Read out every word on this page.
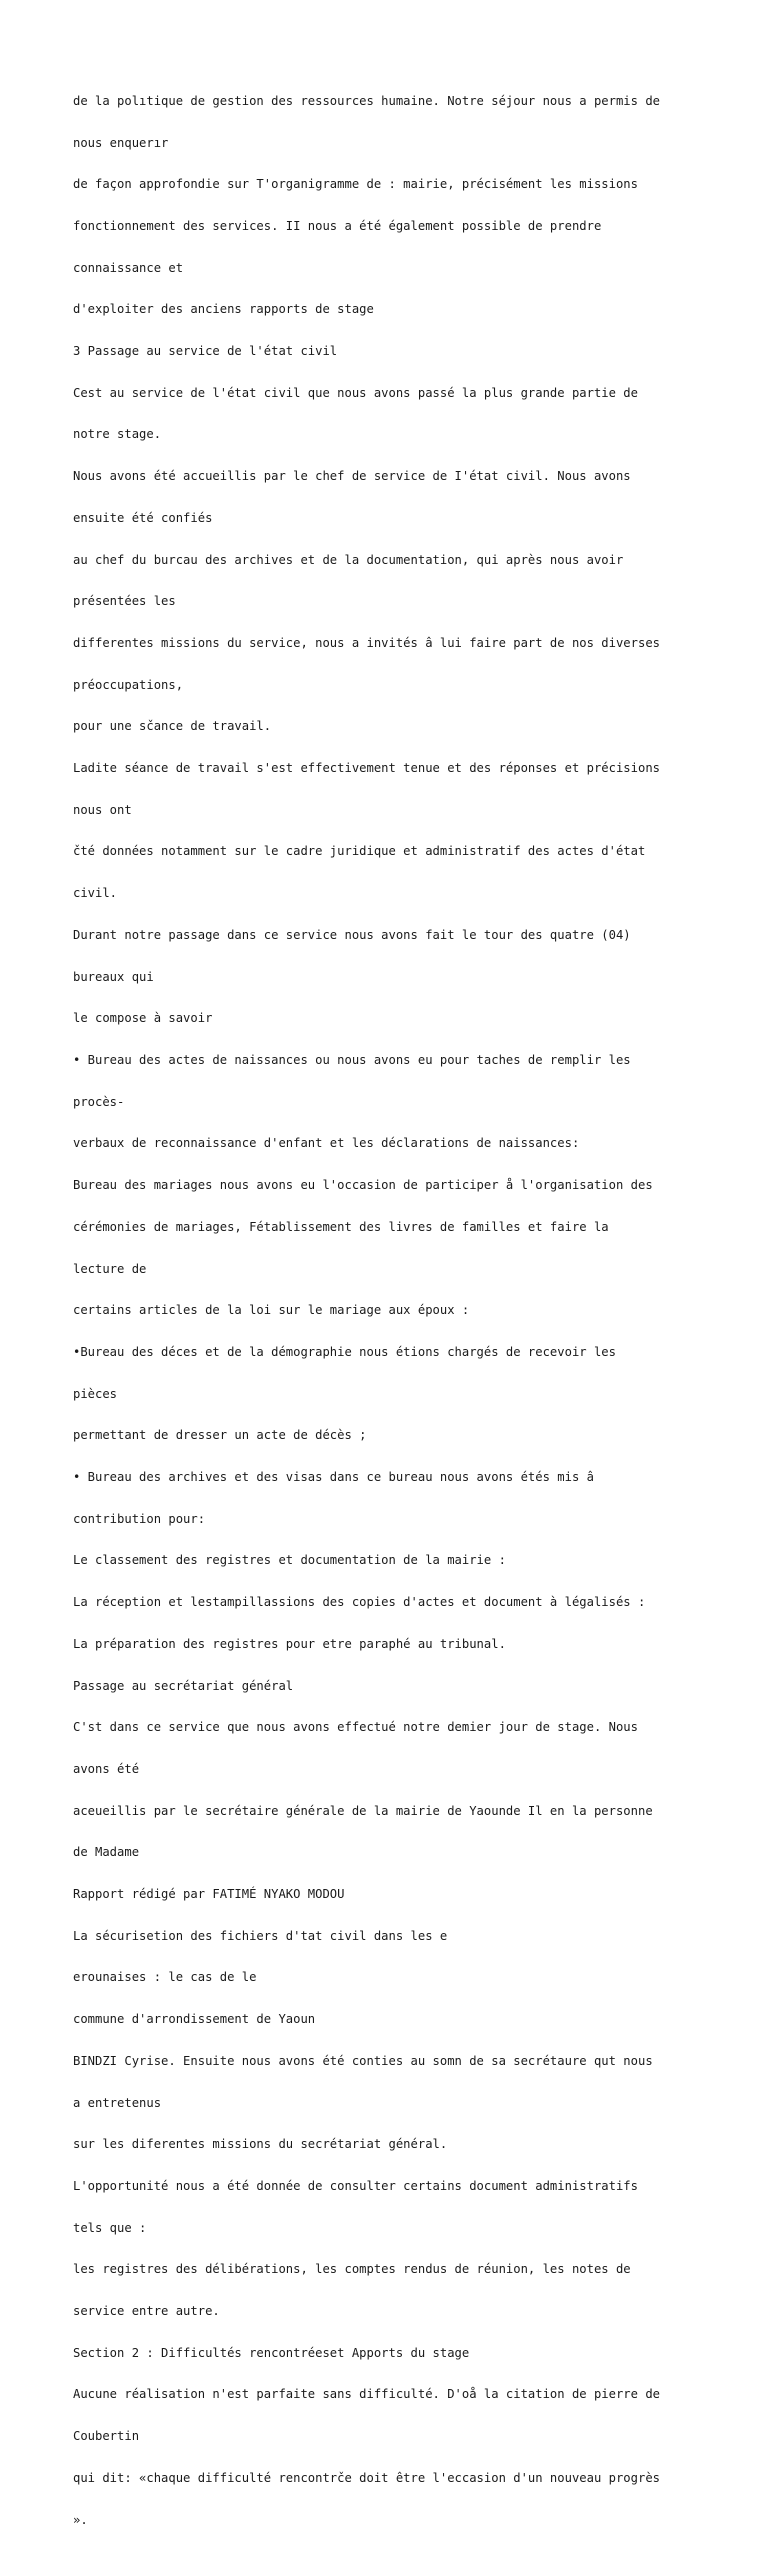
de la polıtique de gestion des ressources humaine. Notre séjour nous a permis de

nous enquerır

de façon approfondie sur T'organigramme de : mairie, précisément les missions

fonctionnement des services. II nous a été également possible de prendre

connaissance et

d'exploiter des anciens rapports de stage

3 Passage au service de l'état civil

Cest au service de l'état civil que nous avons passé la plus grande partie de

notre stage.

Nous avons été accueillis par le chef de service de I'état civil. Nous avons

ensuite été confiés

au chef du burcau des archives et de la documentation, qui après nous avoir

présentées les

differentes missions du service, nous a invités â lui faire part de nos diverses

préoccupations,

pour une sčance de travail.

Ladite séance de travail s'est effectivement tenue et des réponses et précisions

nous ont

čté données notamment sur le cadre juridique et administratif des actes d'état

civil.

Durant notre passage dans ce service nous avons fait le tour des quatre (04)

bureaux qui

le compose à savoir

• Bureau des actes de naissances ou nous avons eu pour taches de remplir les

procès-

verbaux de reconnaissance d'enfant et les déclarations de naissances:

Bureau des mariages nous avons eu l'occasion de participer å l'organisation des

cérémonies de mariages, Fétablissement des livres de familles et faire la

lecture de

certains articles de la loi sur le mariage aux époux :

•Bureau des déces et de la démographie nous étions chargés de recevoir les

pièces

permettant de dresser un acte de décès ;

• Bureau des archives et des visas dans ce bureau nous avons étés mis â

contribution pour:

Le classement des registres et documentation de la mairie :

La réception et lestampillassions des copies d'actes et document à légalisés :

La préparation des registres pour etre paraphé au tribunal.

Passage au secrétariat général

C'st dans ce service que nous avons effectué notre demier jour de stage. Nous

avons été

aceueillis par le secrétaire générale de la mairie de Yaounde Il en la personne

de Madame

Rapport rédigé par FATIMÉ NYAKO MODOU

La sécurisetion des fichiers d'tat civil dans les e

erounaises : le cas de le

commune d'arrondissement de Yaoun

BINDZI Cyrise. Ensuite nous avons été conties au somn de sa secrétaure qut nous

a entretenus

sur les diferentes missions du secrétariat général.

L'opportunité nous a été donnée de consulter certains document administratifs

tels que :

les registres des délibérations, les comptes rendus de réunion, les notes de

service entre autre.

Section 2 : Difficultés rencontréeset Apports du stage

Aucune réalisation n'est parfaite sans difficulté. D'oå la citation de pierre de

Coubertin

qui dit: «chaque difficulté rencontrče doit être l'eccasion d'un nouveau progrès

».
